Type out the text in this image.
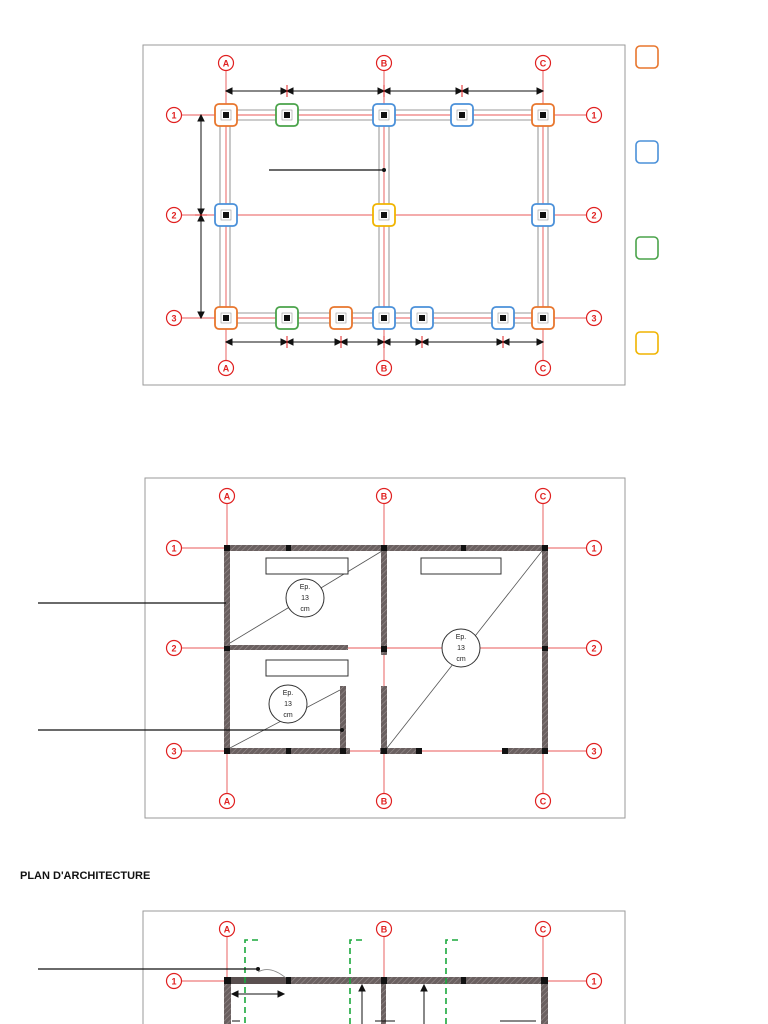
A
A
B
B
C
C
1	1
2	2
3	3
A
A
B
B
C
C
1	1
2	2
3	3
Ep.
13
cm
Ep.
13
cm
Ep.
13
cm
A	B	C
1	1
PLAN D'ARCHITECTURE
